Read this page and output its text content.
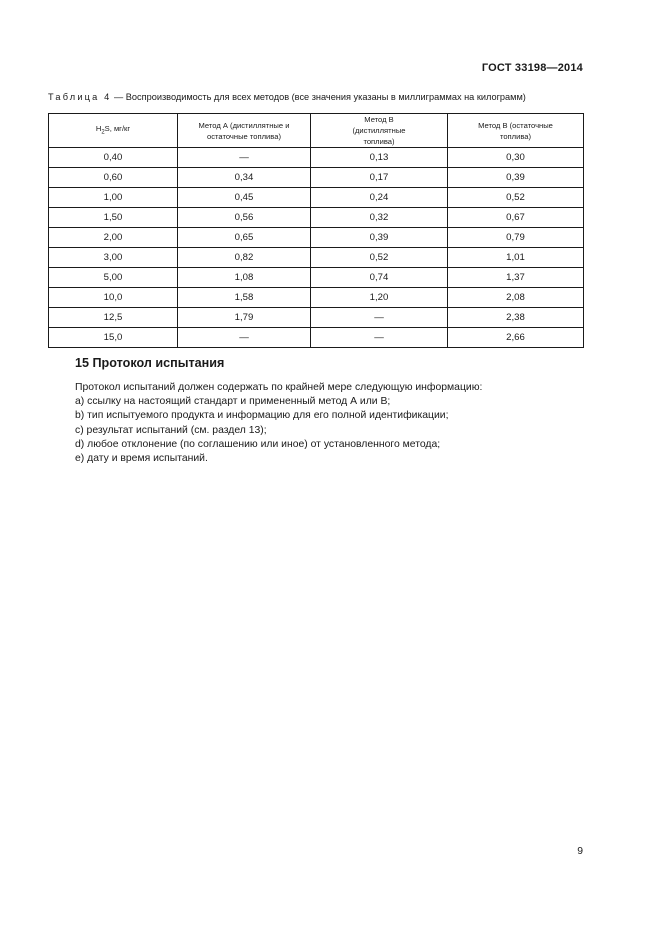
ГОСТ 33198—2014
Таблица 4 — Воспроизводимость для всех методов (все значения указаны в миллиграммах на килограмм)
$H_2S$, мг/кг	Метод А (дистиллятные и остаточные топлива)	Метод В (дистиллятные топлива)	Метод В (остаточные топлива)

0,40	—	0,13	0,30
0,60	0,34	0,17	0,39
1,00	0,45	0,24	0,52
1,50	0,56	0,32	0,67
2,00	0,65	0,39	0,79
3,00	0,82	0,52	1,01
5,00	1,08	0,74	1,37
10,0	1,58	1,20	2,08
12,5	1,79	—	2,38
15,0	—	—	2,66
15 Протокол испытания
Протокол испытаний должен содержать по крайней мере следующую информацию:
a) ссылку на настоящий стандарт и примененный метод А или В;
b) тип испытуемого продукта и информацию для его полной идентификации;
c) результат испытаний (см. раздел 13);
d) любое отклонение (по соглашению или иное) от установленного метода;
e) дату и время испытаний.
9
